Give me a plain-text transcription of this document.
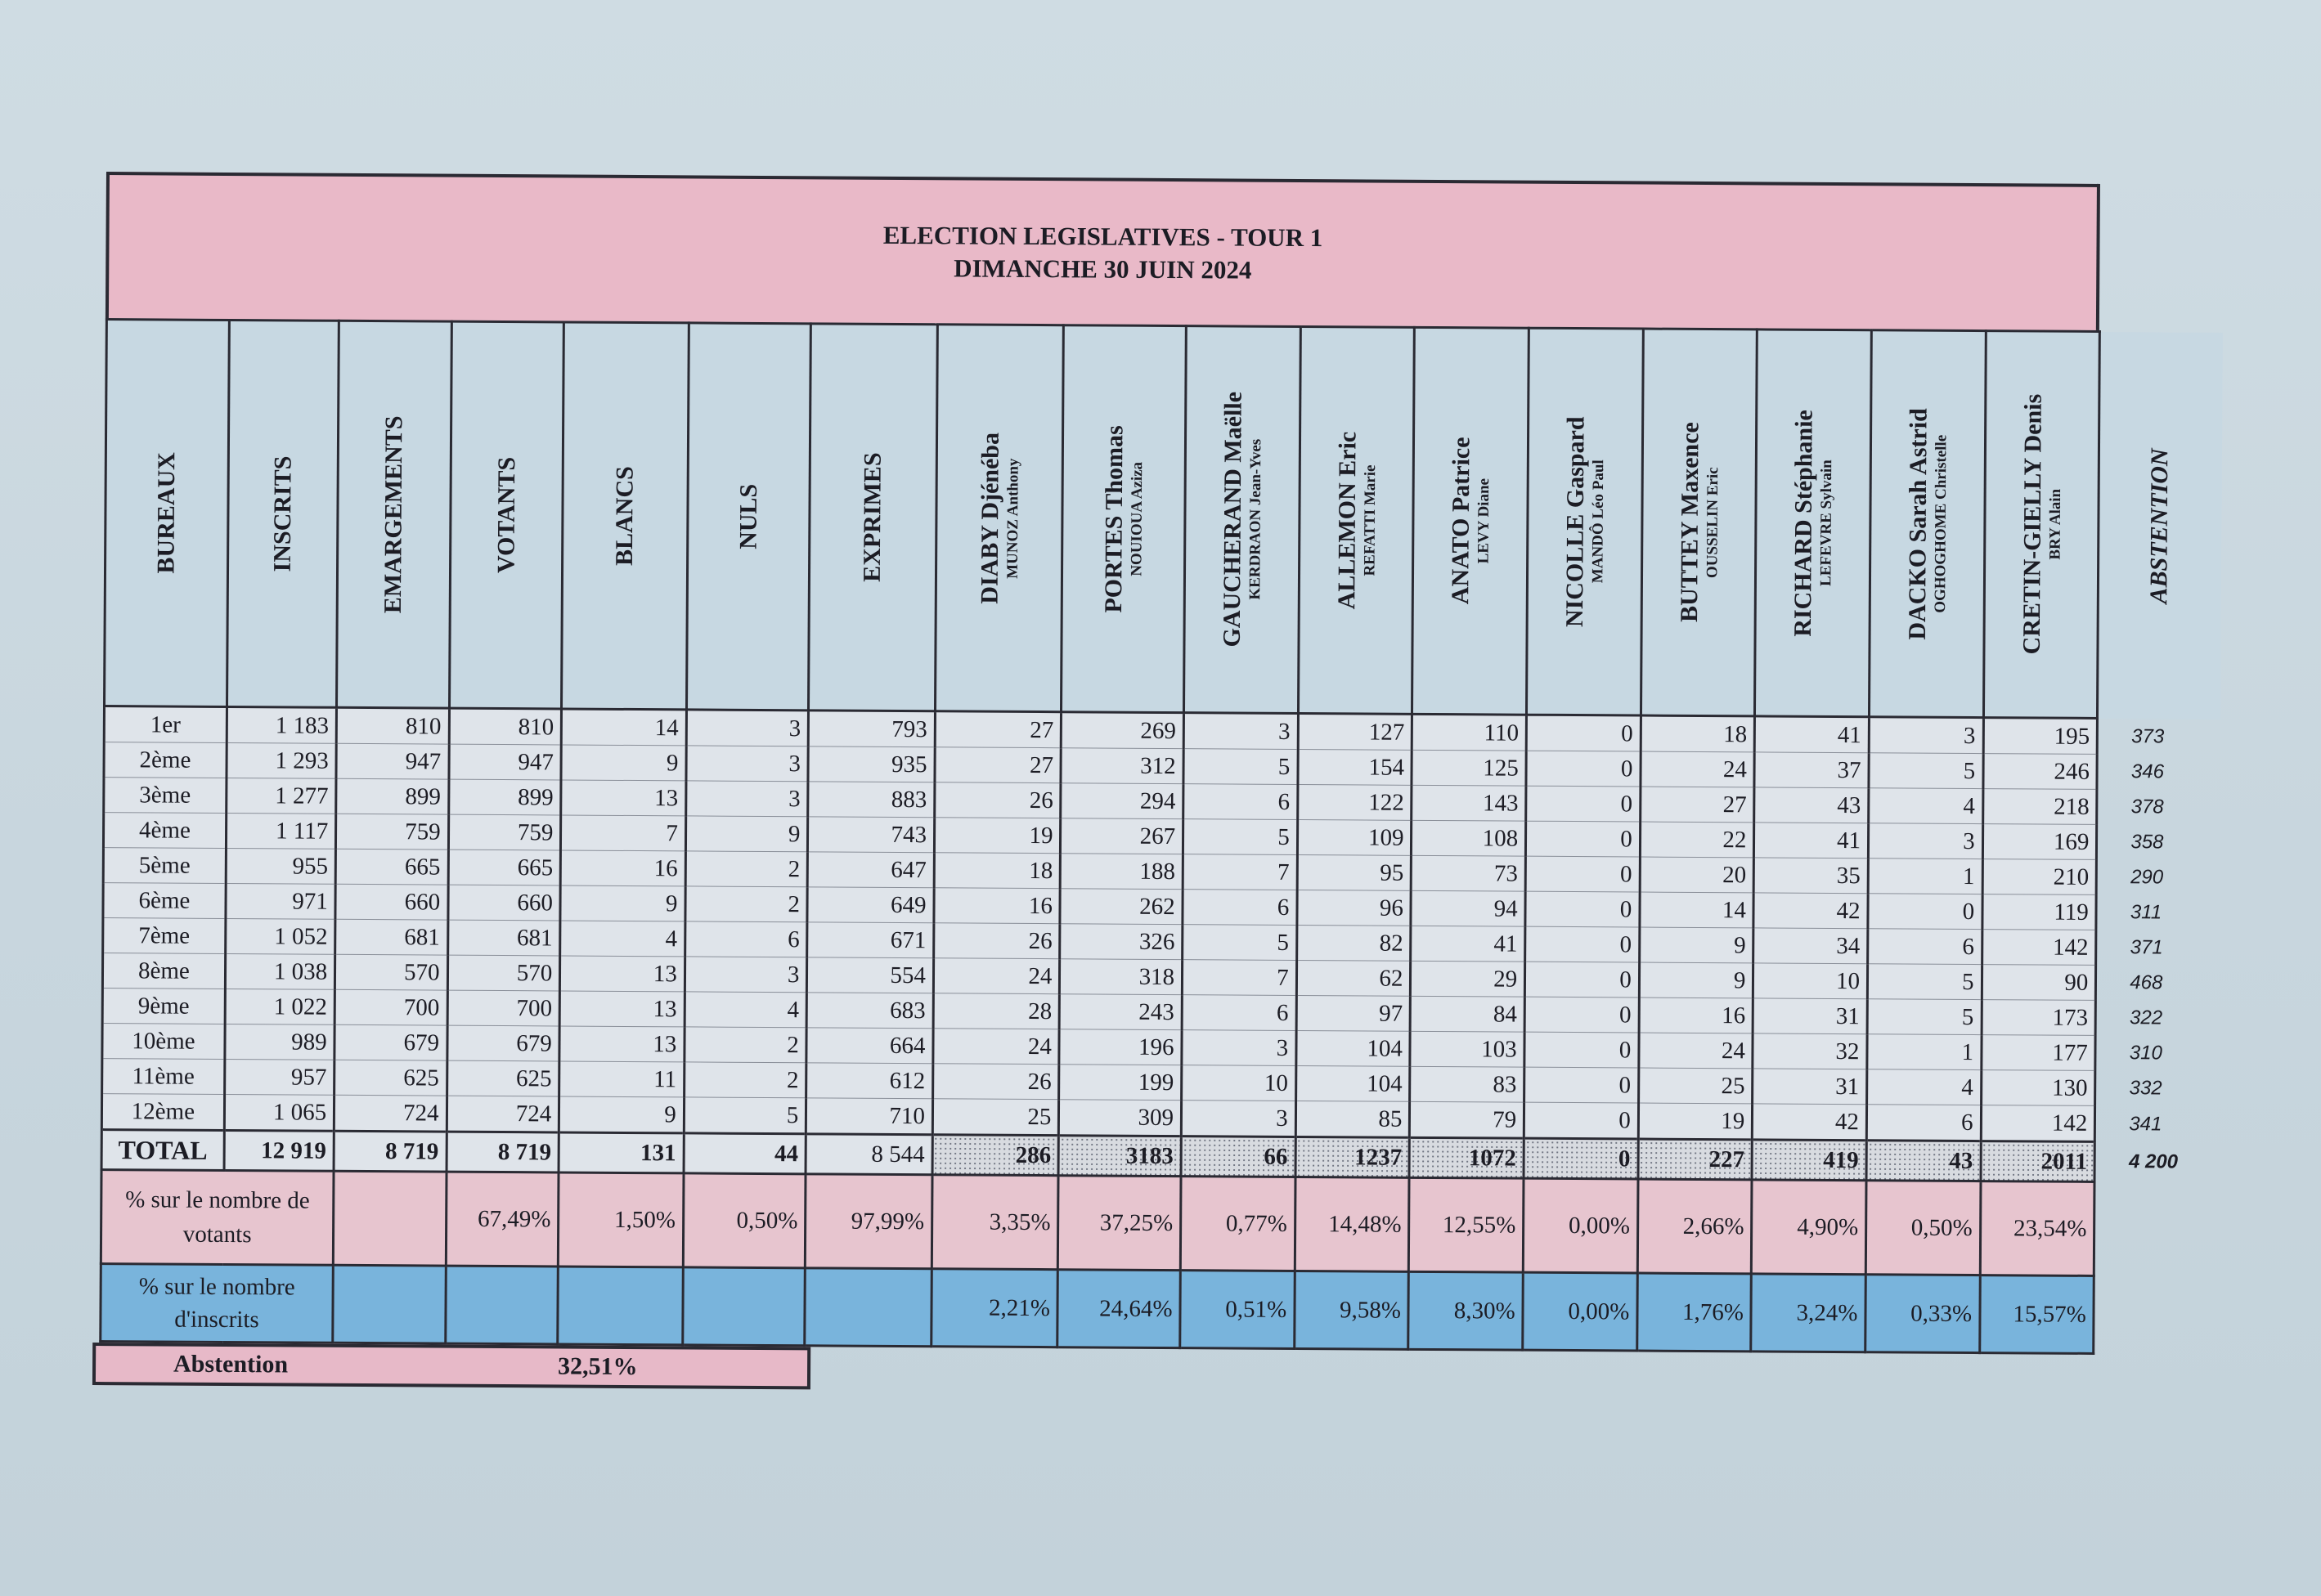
ELECTION LEGISLATIVES - TOUR 1
DIMANCHE 30 JUIN 2024
BUREAUX	INSCRITS	EMARGEMENTS	VOTANTS	BLANCS	NULS	EXPRIMES	DIABY Djénéba MUNOZ Anthony	PORTES Thomas NOUIOUA Aziza	GAUCHERAND Maëlle KERDRAON Jean-Yves	ALLEMON Eric REFATTI Marie	ANATO Patrice LEVY Diane	NICOLLE Gaspard MANDÔ Léo Paul	BUTTEY Maxence OUSSELIN Eric	RICHARD Stéphanie LEFEVRE Sylvain	DACKO Sarah Astrid OGHOGHOME Christelle	CRETIN-GIELLY Denis BRY Alain	ABSTENTION

1er	1 183	810	810	14	3	793	27	269	3	127	110	0	18	41	3	195	373
2ème	1 293	947	947	9	3	935	27	312	5	154	125	0	24	37	5	246	346
3ème	1 277	899	899	13	3	883	26	294	6	122	143	0	27	43	4	218	378
4ème	1 117	759	759	7	9	743	19	267	5	109	108	0	22	41	3	169	358
5ème	955	665	665	16	2	647	18	188	7	95	73	0	20	35	1	210	290
6ème	971	660	660	9	2	649	16	262	6	96	94	0	14	42	0	119	311
7ème	1 052	681	681	4	6	671	26	326	5	82	41	0	9	34	6	142	371
8ème	1 038	570	570	13	3	554	24	318	7	62	29	0	9	10	5	90	468
9ème	1 022	700	700	13	4	683	28	243	6	97	84	0	16	31	5	173	322
10ème	989	679	679	13	2	664	24	196	3	104	103	0	24	32	1	177	310
11ème	957	625	625	11	2	612	26	199	10	104	83	0	25	31	4	130	332
12ème	1 065	724	724	9	5	710	25	309	3	85	79	0	19	42	6	142	341
TOTAL	12 919	8 719	8 719	131	44	8 544	286	3183	66	1237	1072	0	227	419	43	2011	4 200
% sur le nombre de votants			67,49%	1,50%	0,50%	97,99%	3,35%	37,25%	0,77%	14,48%	12,55%	0,00%	2,66%	4,90%	0,50%	23,54%	
% sur le nombre d'inscrits							2,21%	24,64%	0,51%	9,58%	8,30%	0,00%	1,76%	3,24%	0,33%	15,57%	
Abstention	32,51%
